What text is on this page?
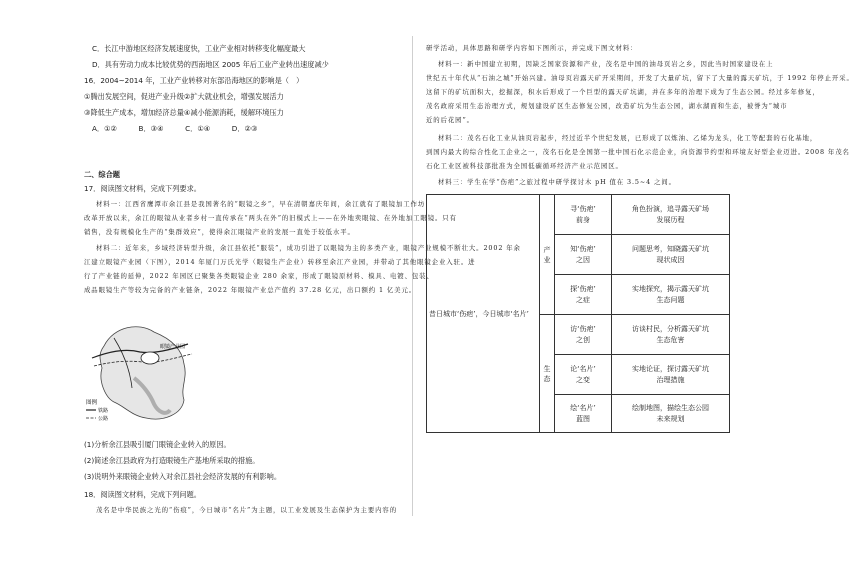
C．长江中游地区经济发展速度快，工业产业相对转移变化幅度最大
D．具有劳动力成本比较优势的西南地区 2005 年后工业产业转出速度减少
16．2004~2014 年，工业产业转移对东部沿海地区的影响是（　）
①腾出发展空间，促进产业升级②扩大就业机会，增强发展活力
③降低生产成本，增加经济总量④减小能源消耗，缓解环境压力
A．①②　　　B．③④　　　C．①④　　　D．②③
二、综合题
17．阅读图文材料，完成下列要求。
材料一：江西省鹰潭市余江县是我国著名的“眼镜之乡”，早在清朝嘉庆年间，余江就有了眼镜加工作坊；
改革开放以来，余江的眼镜从业者乡村一直传承在“两头在外”的旧模式上——在外地卖眼镜、在外地加工眼镜。只有
销售，没有规模化生产的“集群效应”，使得余江眼镜产业的发展一直处于较低水平。
材料二：近年来，乡域经济转型升级，余江县依托“服装”，成功引进了以眼镜为主的多类产业，眼镜产业规模不断壮大。2002 年余
江建立眼镜产业园（下图），2014 年厦门万氏光学（眼镜生产企业）转移至余江产业园，并带动了其他眼镜企业入驻。进
行了产业链的延伸，2022 年园区已聚集各类眼镜企业 280 余家，形成了眼镜原材料、模具、电镀、包装、
成品眼镜生产等较为完备的产业链条，2022 年眼镜产业总产值约 37.28 亿元，出口额约 1 亿美元。
眼镜产业园
图例
铁路
公路
(1)分析余江县吸引厦门眼镜企业转入的原因。
(2)简述余江县政府为打造眼镜生产基地所采取的措施。
(3)说明外来眼镜企业转入对余江县社会经济发展的有利影响。
18．阅读图文材料，完成下列问题。
茂名是中华民族之光的“伤痕”，今日城市“名片”为主题，以工业发展及生态保护为主要内容的
研学活动，具体思路和研学内容如下图所示，并完成下图文材料：
材料一：新中国建立初期，因缺乏国家资源和产业，茂名是中国的油母页岩之乡，因此当时国家建设在上
世纪五十年代从“石油之城”开始兴建。油母页岩露天矿开采期间，开发了大量矿坑，留下了大量的露天矿坑，于 1992 年停止开采。
这留下的矿坑面积大，挖掘深，积水后形成了一个巨型的露天矿坑湖，并在多年的治理下成为了生态公园。经过多年修复，
茂名政府采用生态治理方式，规划建设矿区生态修复公园，改造矿坑为生态公园，湖水湖面和生态，被誉为“城市
近的后花园”。
材料二：茂名石化工业从油页岩起步，经过近半个世纪发展，已形成了以炼油、乙烯为龙头，化工等配套的石化基地，
到国内最大的综合性化工企业之一，茂名石化是全国第一批中国石化示范企业，向资源节约型和环境友好型企业迈进。2008 年茂名
石化工业区被科技部批准为全国低碳循环经济产业示范园区。
材料三：学生在学“伤疤”之旅过程中研学探讨木 pH 值在 3.5~4 之间。
昔日城市‘伤疤’，今日城市‘名片’	产业	寻‘伤疤’
前身	角色扮演，追寻露天矿场
发展历程
		知‘伤疤’
之因	问题思考，知晓露天矿坑
现状成因
		探‘伤疤’
之症	实地探究，揭示露天矿坑
生态问题
	生态	访‘伤疤’
之创	访谈村民，分析露天矿坑
生态危害
		论‘名片’
之变	实地论证，探讨露天矿坑
治理措施
		绘‘名片’
蓝图	绘制地图，描绘生态公园
未来规划
